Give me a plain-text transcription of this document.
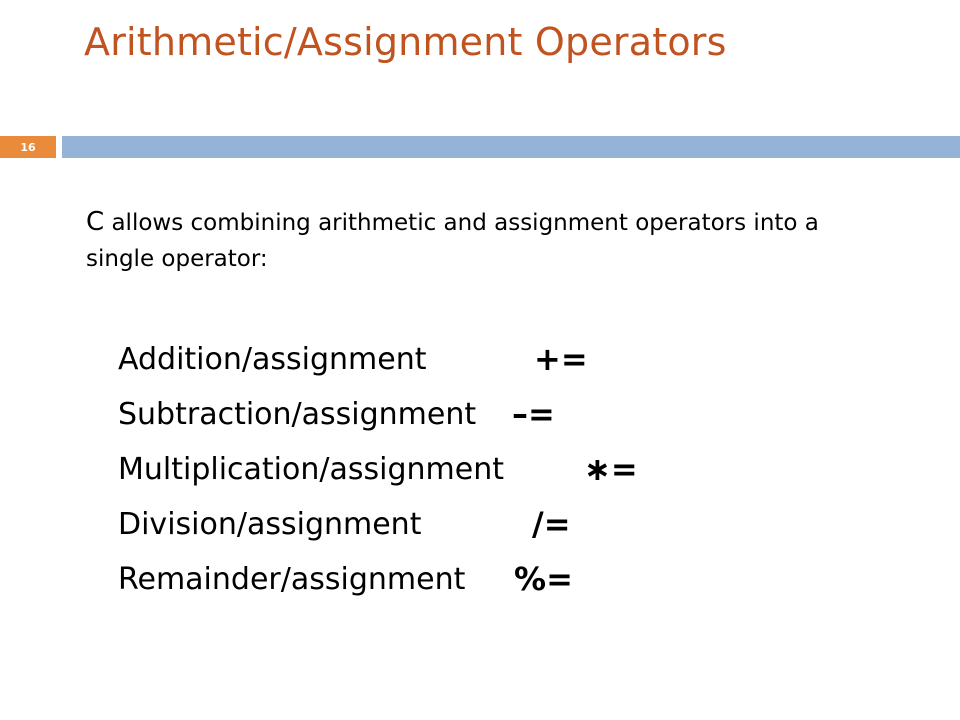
Arithmetic/Assignment Operators
16
C allows combining arithmetic and assignment operators into a single operator:
Addition/assignment	+=
Subtraction/assignment –=
Multiplication/assignment	∗=
Division/assignment	/=
Remainder/assignment %=
